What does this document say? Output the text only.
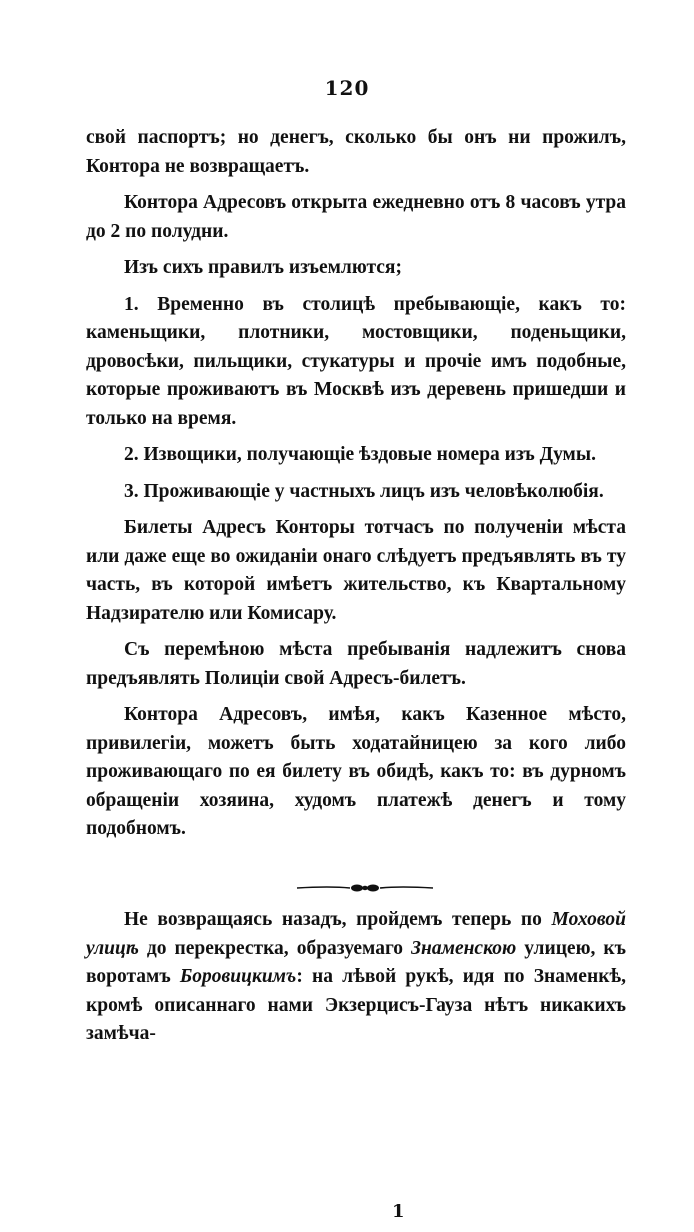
120

свой паспортъ; но денегъ, сколько бы онъ ни прожилъ, Контора не возвращаетъ.

Контора Адресовъ открыта ежедневно отъ 8 часовъ утра до 2 по полудни.

Изъ сихъ правилъ изъемлются;

1. Временно въ столицѣ пребывающіе, какъ то: каменьщики, плотники, мостовщики, поденьщики, дровосѣки, пильщики, стукатуры и прочіе имъ подобные, которые проживаютъ въ Москвѣ изъ деревень пришедши и только на время.

2. Извощики, получающіе ѣздовые номера изъ Думы.

3. Проживающіе у частныхъ лицъ изъ человѣколюбія.

Билеты Адресъ Конторы тотчасъ по полученіи мѣста или даже еще во ожиданіи онаго слѣдуетъ предъявлять въ ту часть, въ которой имѣетъ жительство, къ Квартальному Надзирателю или Комисару.

Съ перемѣною мѣста пребыванія надлежитъ снова предъявлять Полиціи свой Адресъ-билетъ.

Контора Адресовъ, имѣя, какъ Казенное мѣсто, привилегіи, можетъ быть ходатайницею за кого либо проживающаго по ея билету въ обидѣ, какъ то: въ дурномъ обращеніи хозяина, худомъ платежѣ денегъ и тому подобномъ.

Не возвращаясь назадъ, пройдемъ теперь по Моховой улицѣ до перекрестка, образуемаго Знаменскою улицею, къ воротамъ Боровицкимъ: на лѣвой рукѣ, идя по Знаменкѣ, кромѣ описаннаго нами Экзерцисъ-Гауза нѣтъ никакихъ замѣча-

1
